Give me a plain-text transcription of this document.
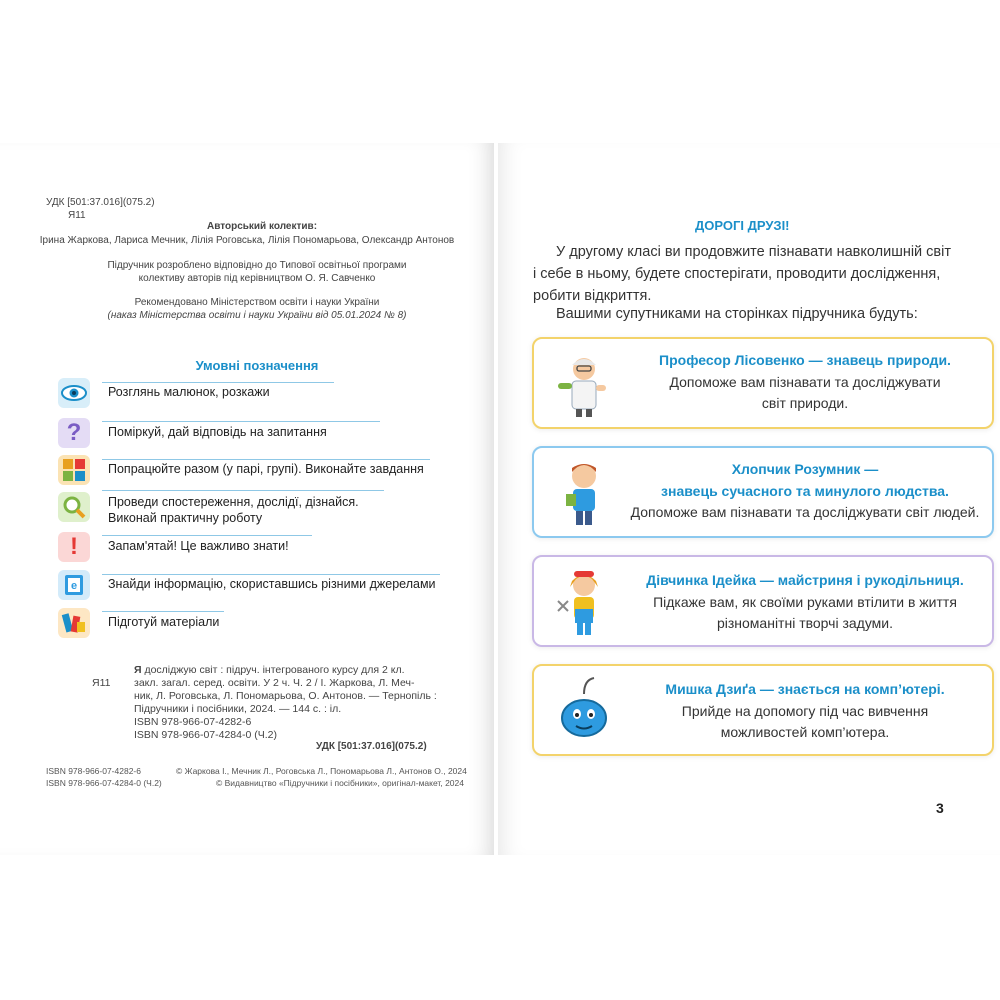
УДК [501:37.016](075.2)
Я11
Авторський колектив:
Ірина Жаркова, Лариса Мечник, Лілія Роговська, Лілія Пономарьова, Олександр Антонов
Підручник розроблено відповідно до Типової освітньої програми
колективу авторів під керівництвом О. Я. Савченко
Рекомендовано Міністерством освіти і науки України
(наказ Міністерства освіти і науки України від 05.01.2024 № 8)
Умовні позначення
Розглянь малюнок, розкажи
? Поміркуй, дай відповідь на запитання
Попрацюйте разом (у парі, групі). Виконайте завдання
Проведи спостереження, дослідї, дізнайся.
Виконай практичну роботу
! Запам'ятай! Це важливо знати!
e Знайди інформацію, скориставшись різними джерелами
Підготуй матеріали
Я досліджую світ : підруч. інтегрованого курсу для 2 кл.
Я11 закл. загал. серед. освіти. У 2 ч. Ч. 2 / І. Жаркова, Л. Меч-
ник, Л. Роговська, Л. Пономарьова, О. Антонов. — Тернопіль :
Підручники і посібники, 2024. — 144 с. : іл.
ISBN 978-966-07-4282-6
ISBN 978-966-07-4284-0 (Ч.2)
УДК [501:37.016](075.2)
ISBN 978-966-07-4282-6
ISBN 978-966-07-4284-0 (Ч.2)
© Жаркова І., Мечник Л., Роговська Л., Пономарьова Л., Антонов О., 2024
© Видавництво «Підручники і посібники», оригінал-макет, 2024
ДОРОГІ ДРУЗІ!
У другому класі ви продовжите пізнавати навколишній світ
і себе в ньому, будете спостерігати, проводити дослідження,
робити відкриття.
Вашими супутниками на сторінках підручника будуть:
Професор Лісовенко — знавець природи.
Допоможе вам пізнавати та досліджувати
світ природи.
Хлопчик Розумник —
знавець сучасного та минулого людства.
Допоможе вам пізнавати та досліджувати світ людей.
Дівчинка Ідейка — майстриня і рукодільниця.
Підкаже вам, як своїми руками втілити в життя
різноманітні творчі задуми.
Мишка Дзиґа — знається на комп’ютері.
Прийде на допомогу під час вивчення
можливостей комп’ютера.
3
